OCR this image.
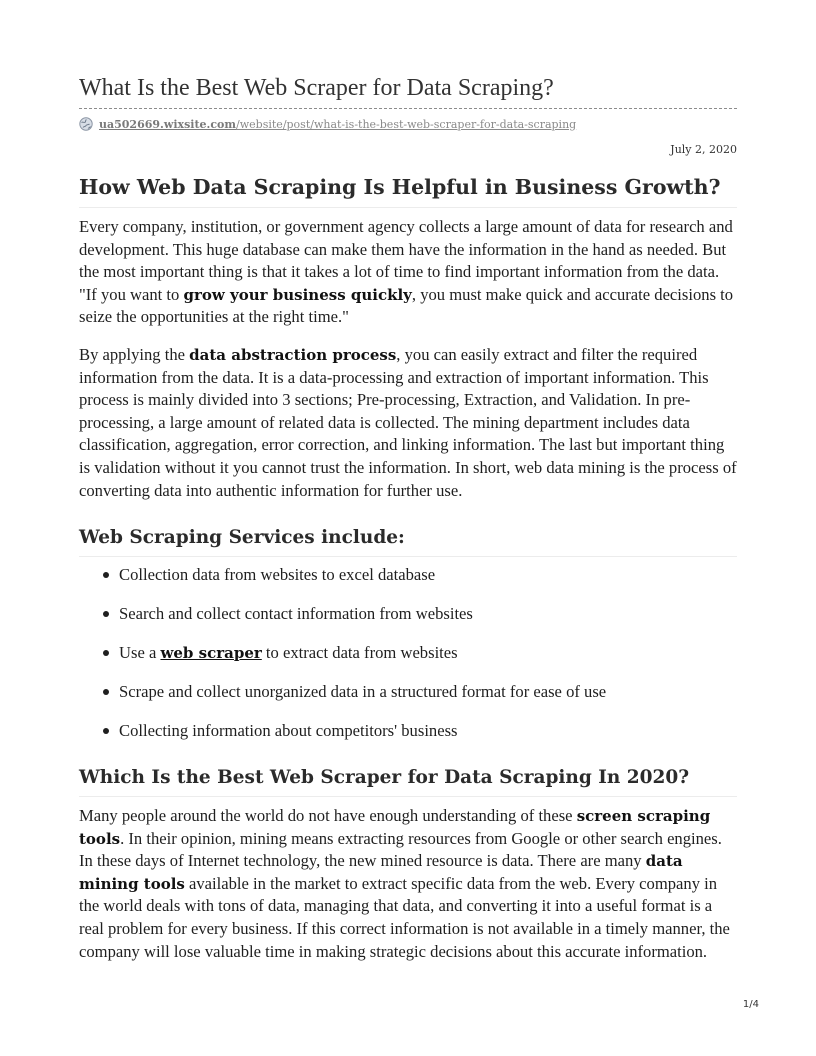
What Is the Best Web Scraper for Data Scraping?
ua502669.wixsite.com /website/post/what-is-the-best-web-scraper-for-data-scraping
July 2, 2020
How Web Data Scraping Is Helpful in Business Growth?

Every company, institution, or government agency collects a large amount of data for research and development. This huge database can make them have the information in the hand as needed. But the most important thing is that it takes a lot of time to find important information from the data. "If you want to grow your business quickly, you must make quick and accurate decisions to seize the opportunities at the right time."

By applying the data abstraction process, you can easily extract and filter the required information from the data. It is a data-processing and extraction of important information. This process is mainly divided into 3 sections; Pre-processing, Extraction, and Validation. In pre-processing, a large amount of related data is collected. The mining department includes data classification, aggregation, error correction, and linking information. The last but important thing is validation without it you cannot trust the information. In short, web data mining is the process of converting data into authentic information for further use.

Web Scraping Services include:
Collection data from websites to excel database
Search and collect contact information from websites
Use a web scraper to extract data from websites
Scrape and collect unorganized data in a structured format for ease of use
Collecting information about competitors' business
Which Is the Best Web Scraper for Data Scraping In 2020?

Many people around the world do not have enough understanding of these screen scraping tools. In their opinion, mining means extracting resources from Google or other search engines. In these days of Internet technology, the new mined resource is data. There are many data mining tools available in the market to extract specific data from the web. Every company in the world deals with tons of data, managing that data, and converting it into a useful format is a real problem for every business. If this correct information is not available in a timely manner, the company will lose valuable time in making strategic decisions about this accurate information.

1/4
